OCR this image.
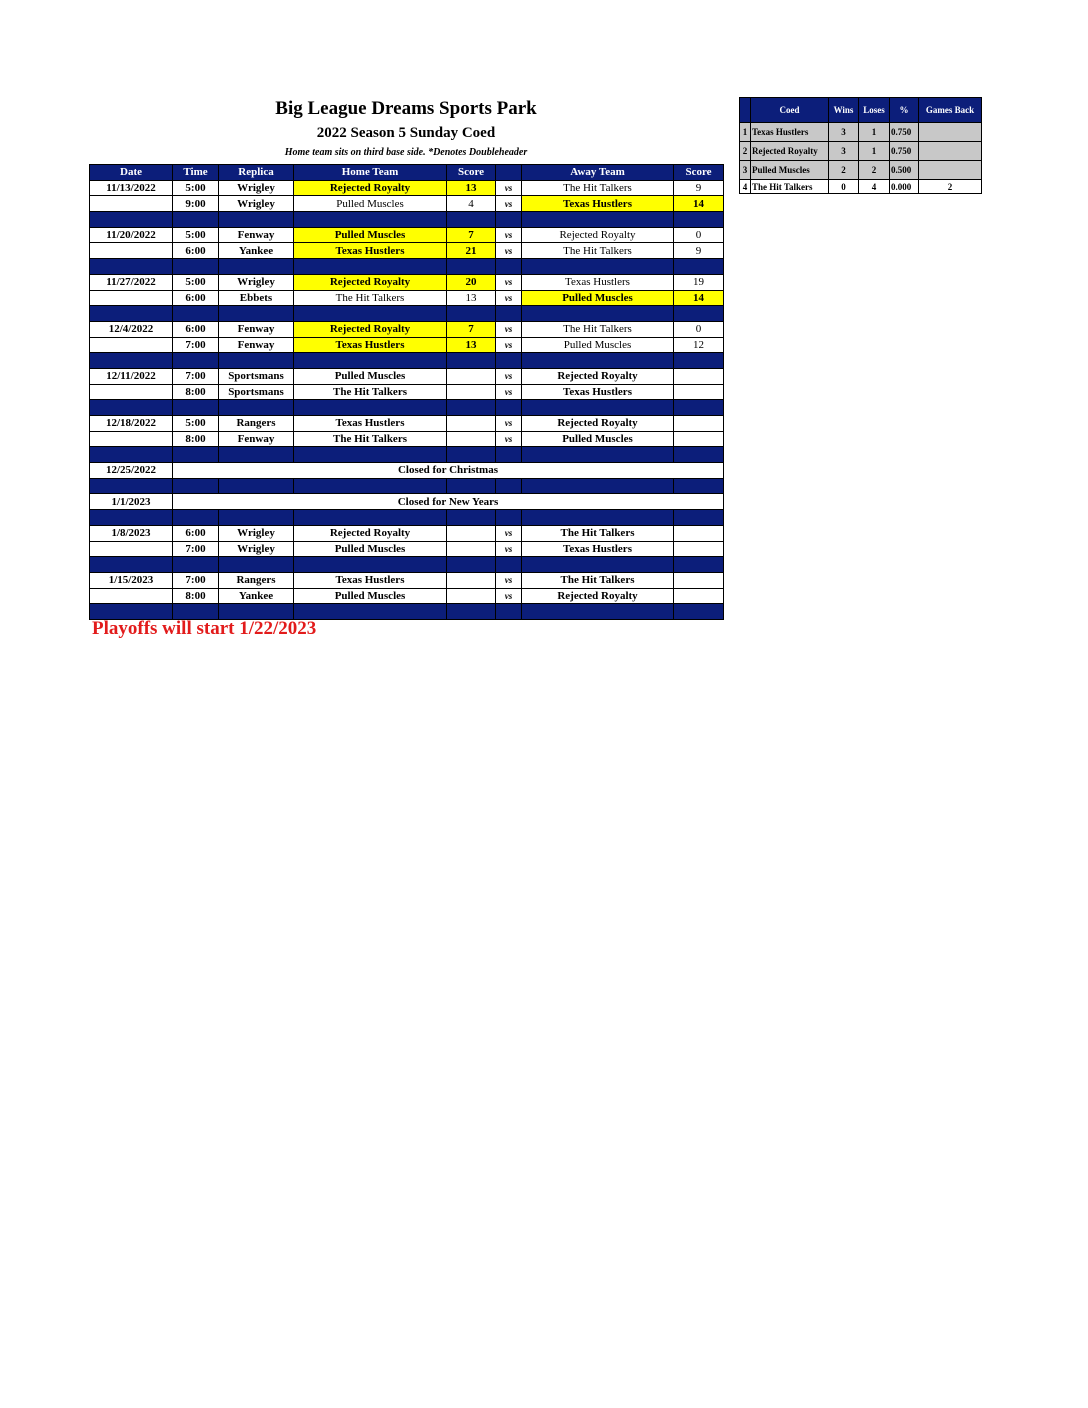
Big League Dreams Sports Park
2022 Season 5 Sunday Coed
Home team sits on third base side. *Denotes Doubleheader
Date	Time	Replica	Home Team	Score		Away Team	Score
11/13/2022	5:00	Wrigley	Rejected Royalty	13	vs	The Hit Talkers	9
	9:00	Wrigley	Pulled Muscles	4	vs	Texas Hustlers	14

11/20/2022	5:00	Fenway	Pulled Muscles	7	vs	Rejected Royalty	0
	6:00	Yankee	Texas Hustlers	21	vs	The Hit Talkers	9

11/27/2022	5:00	Wrigley	Rejected Royalty	20	vs	Texas Hustlers	19
	6:00	Ebbets	The Hit Talkers	13	vs	Pulled Muscles	14

12/4/2022	6:00	Fenway	Rejected Royalty	7	vs	The Hit Talkers	0
	7:00	Fenway	Texas Hustlers	13	vs	Pulled Muscles	12

12/11/2022	7:00	Sportsmans	Pulled Muscles		vs	Rejected Royalty	
	8:00	Sportsmans	The Hit Talkers		vs	Texas Hustlers	

12/18/2022	5:00	Rangers	Texas Hustlers		vs	Rejected Royalty	
	8:00	Fenway	The Hit Talkers		vs	Pulled Muscles	

12/25/2022	Closed for Christmas						

1/1/2023	Closed for New Years						

1/8/2023	6:00	Wrigley	Rejected Royalty		vs	The Hit Talkers	
	7:00	Wrigley	Pulled Muscles		vs	Texas Hustlers	

1/15/2023	7:00	Rangers	Texas Hustlers		vs	The Hit Talkers	
	8:00	Yankee	Pulled Muscles		vs	Rejected Royalty	

	Coed	Wins	Loses	%	Games Back
1	Texas Hustlers	3	1	0.750	
2	Rejected Royalty	3	1	0.750	
3	Pulled Muscles	2	2	0.500	
4	The Hit Talkers	0	4	0.000	2
Playoffs will start 1/22/2023
